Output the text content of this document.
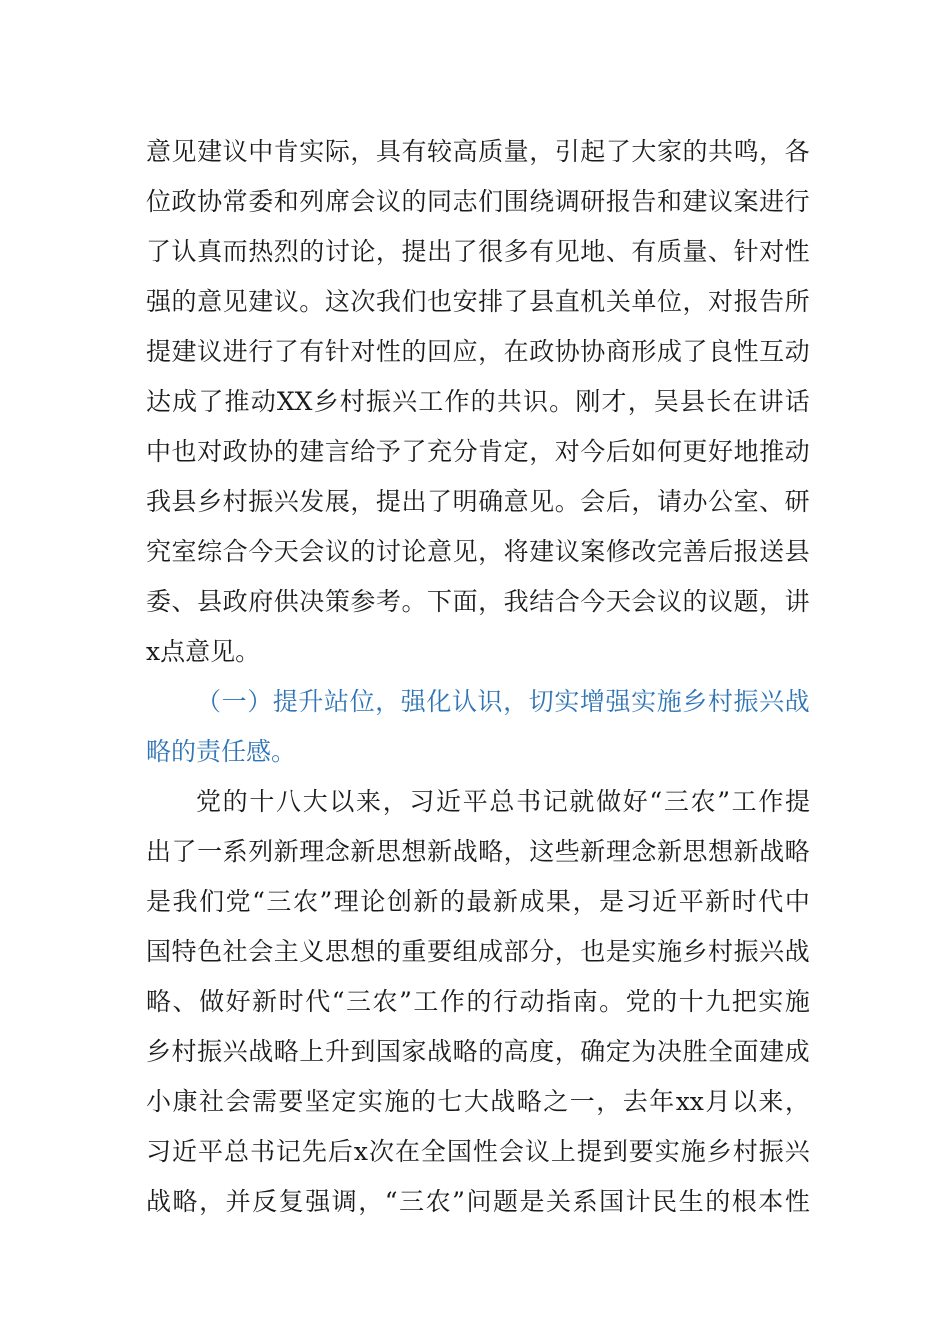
意 见 建 议 中 肯 实 际 ， 具 有 较 高 质 量 ， 引 起 了 大 家 的 共 鸣 ， 各
位 政 协 常 委 和 列 席 会 议 的 同 志 们 围 绕 调 研 报 告 和 建 议 案 进 行
了 认 真 而 热 烈 的 讨 论 ， 提 出 了 很 多 有 见 地 、 有 质 量 、 针 对 性
强 的 意 见 建 议 。 这 次 我 们 也 安 排 了 县 直 机 关 单 位 ， 对 报 告 所
提 建 议 进 行 了 有 针 对 性 的 回 应 ， 在 政 协 协 商 形 成 了 良 性 互 动
达 成 了 推 动 XX 乡 村 振 兴 工 作 的 共 识 。 刚 才 ， 吴 县 长 在 讲 话
中 也 对 政 协 的 建 言 给 予 了 充 分 肯 定 ， 对 今 后 如 何 更 好 地 推 动
我 县 乡 村 振 兴 发 展 ， 提 出 了 明 确 意 见 。 会 后 ， 请 办 公 室 、 研
究 室 综 合 今 天 会 议 的 讨 论 意 见 ， 将 建 议 案 修 改 完 善 后 报 送 县
委 、 县 政 府 供 决 策 参 考 。 下 面 ， 我 结 合 今 天 会 议 的 议 题 ， 讲
x点意见。
（ 一 ） 提 升 站 位 ， 强 化 认 识 ， 切 实 增 强 实 施 乡 村 振 兴 战
略的责任感。
党 的 十 八 大 以 来 ， 习 近 平 总 书 记 就 做 好 “ 三 农 ” 工 作 提
出 了 一 系 列 新 理 念 新 思 想 新 战 略 ， 这 些 新 理 念 新 思 想 新 战 略
是 我 们 党 “ 三 农 ” 理 论 创 新 的 最 新 成 果 ， 是 习 近 平 新 时 代 中
国 特 色 社 会 主 义 思 想 的 重 要 组 成 部 分 ， 也 是 实 施 乡 村 振 兴 战
略 、 做 好 新 时 代 “ 三 农 ” 工 作 的 行 动 指 南 。 党 的 十 九 把 实 施
乡 村 振 兴 战 略 上 升 到 国 家 战 略 的 高 度 ， 确 定 为 决 胜 全 面 建 成
小 康 社 会 需 要 坚 定 实 施 的 七 大 战 略 之 一 ， 去 年 xx 月 以 来 ，
习 近 平 总 书 记 先 后 x 次 在 全 国 性 会 议 上 提 到 要 实 施 乡 村 振 兴
战 略 ， 并 反 复 强 调 ， “ 三 农 ” 问 题 是 关 系 国 计 民 生 的 根 本 性
